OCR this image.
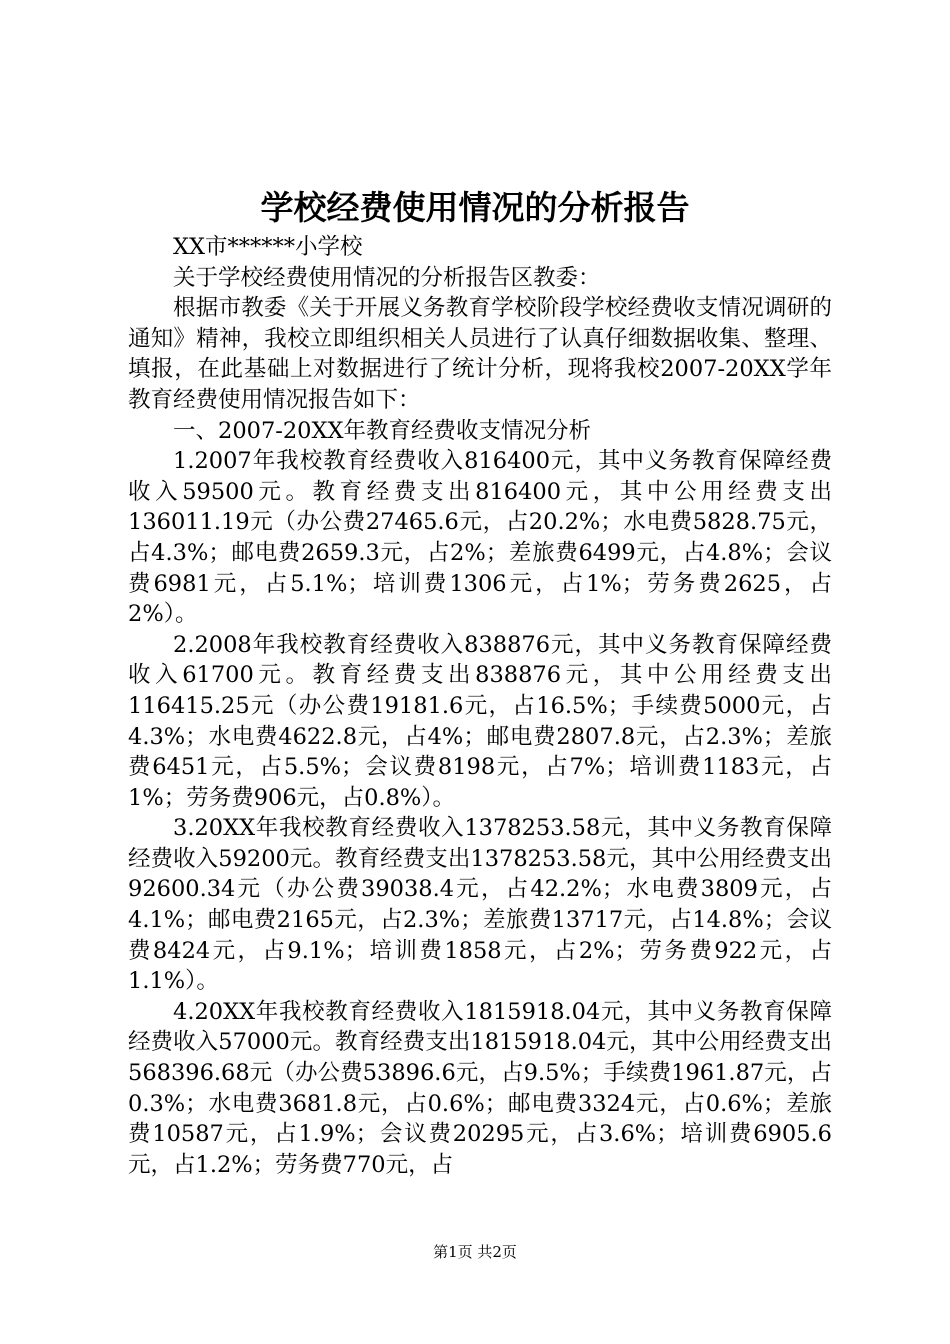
学校经费使用情况的分析报告

XX市******小学校

关于学校经费使用情况的分析报告区教委：

根据市教委《关于开展义务教育学校阶段学校经费收支情况调研的通知》精神，我校立即组织相关人员进行了认真仔细数据收集、整理、填报，在此基础上对数据进行了统计分析，现将我校2007-20XX学年教育经费使用情况报告如下：

一、2007-20XX年教育经费收支情况分析

1.2007年我校教育经费收入816400元，其中义务教育保障经费收入59500元。教育经费支出816400元，其中公用经费支出136011.19元（办公费27465.6元，占20.2%；水电费5828.75元，占4.3%；邮电费2659.3元，占2%；差旅费6499元，占4.8%；会议费6981元，占5.1%；培训费1306元，占1%；劳务费2625，占2%）。

2.2008年我校教育经费收入838876元，其中义务教育保障经费收入61700元。教育经费支出838876元，其中公用经费支出116415.25元（办公费19181.6元，占16.5%；手续费5000元，占4.3%；水电费4622.8元，占4%；邮电费2807.8元，占2.3%；差旅费6451元，占5.5%；会议费8198元，占7%；培训费1183元，占1%；劳务费906元，占0.8%）。

3.20XX年我校教育经费收入1378253.58元，其中义务教育保障经费收入59200元。教育经费支出1378253.58元，其中公用经费支出92600.34元（办公费39038.4元，占42.2%；水电费3809元，占4.1%；邮电费2165元，占2.3%；差旅费13717元，占14.8%；会议费8424元，占9.1%；培训费1858元，占2%；劳务费922元，占1.1%）。

4.20XX年我校教育经费收入1815918.04元，其中义务教育保障经费收入57000元。教育经费支出1815918.04元，其中公用经费支出568396.68元（办公费53896.6元，占9.5%；手续费1961.87元，占0.3%；水电费3681.8元，占0.6%；邮电费3324元，占0.6%；差旅费10587元，占1.9%；会议费20295元，占3.6%；培训费6905.6元，占1.2%；劳务费770元，占

第1页 共2页
